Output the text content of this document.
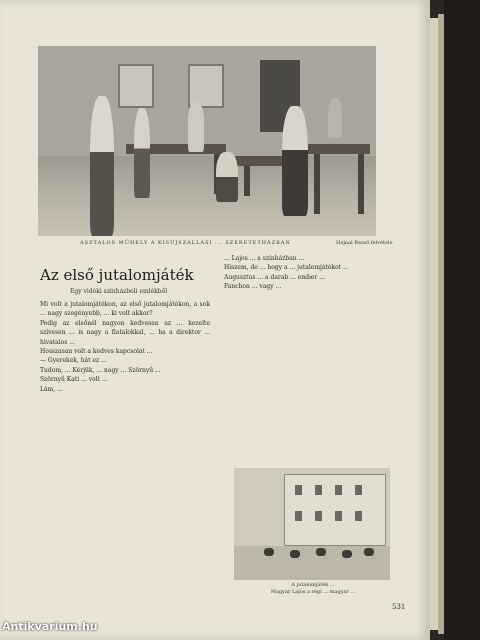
ASZTALOS MŰHELY A KISÚJSZÁLLÁSI ... SZERETETHÁZBAN	Hajnal Rezső felvétele
Az első jutalomjáték
Egy vidéki színházbeli emlékből

Mi volt a jutalomjátékon, az első jutalomjátékon, a sok ... nagy szegényebb, ... ki volt akkor?

Pedig az elsőnél nagyon kedvesen az ... kezelte szívesen ... is nagy a fiatalokkal, ... ha a direktor ... hivatalos ...

Hosszasan volt a kedves kapcsolat ...

— Gyerekek, hát ez ...

Tudom, ... Kérjük, ... nagy ... Szörnyű ...

Szörnyű Kati ... volt ...

Lám, ...

... Lajos ... a színházban ...

Hiszem, de ... hogy a ... jutalomjátékot ...

Augusztus ... a darab ... ember ...

Fanchon ... vagy ...

A jutalomjáték ...
Magyar Lajos a régi ... magyar ...
531
Antikvarium.hu
